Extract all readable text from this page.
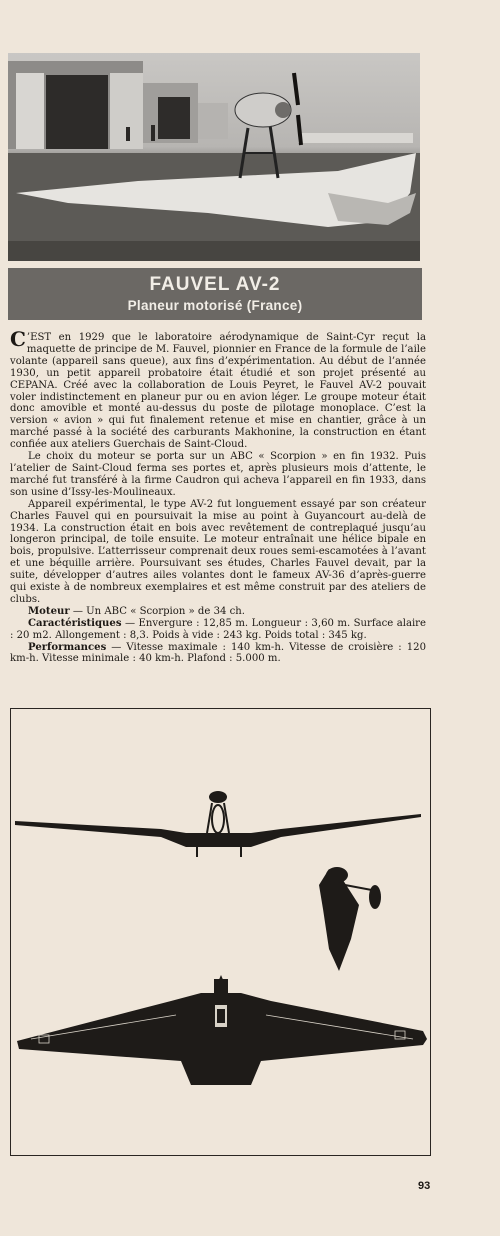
FAUVEL AV-2
Planeur motorisé (France)

C ’EST en 1929 que le laboratoire aérodynamique de Saint-Cyr reçut la maquette de principe de M. Fauvel, pionnier en France de la formule de l’aile volante (appareil sans queue), aux fins d’expérimentation. Au début de l’année 1930, un petit appareil probatoire était étudié et son projet présenté au CEPANA. Créé avec la collaboration de Louis Peyret, le Fauvel AV-2 pouvait voler indistinctement en planeur pur ou en avion léger. Le groupe moteur était donc amovible et monté au-dessus du poste de pilotage monoplace. C’est la version « avion » qui fut finalement retenue et mise en chantier, grâce à un marché passé à la société des carburants Makhonine, la construction en étant confiée aux ateliers Guerchais de Saint-Cloud.

Le choix du moteur se porta sur un ABC « Scorpion » en fin 1932. Puis l’atelier de Saint-Cloud ferma ses portes et, après plusieurs mois d’attente, le marché fut transféré à la firme Caudron qui acheva l’appareil en fin 1933, dans son usine d’Issy-les-Moulineaux.

Appareil expérimental, le type AV-2 fut longuement essayé par son créateur Charles Fauvel qui en poursuivait la mise au point à Guyancourt au-delà de 1934. La construction était en bois avec revêtement de contreplaqué jusqu’au longeron principal, de toile ensuite. Le moteur entraînait une hélice bipale en bois, propulsive. L’atterrisseur comprenait deux roues semi-escamotées à l’avant et une béquille arrière. Poursuivant ses études, Charles Fauvel devait, par la suite, développer d’autres ailes volantes dont le fameux AV-36 d’après-guerre qui existe à de nombreux exemplaires et est même construit par des ateliers de clubs.

Moteur — Un ABC « Scorpion » de 34 ch.

Caractéristiques — Envergure : 12,85 m. Longueur : 3,60 m. Surface alaire : 20 m2. Allongement : 8,3. Poids à vide : 243 kg. Poids total : 345 kg.

Performances — Vitesse maximale : 140 km-h. Vitesse de croisière : 120 km-h. Vitesse minimale : 40 km-h. Plafond : 5.000 m.

93
